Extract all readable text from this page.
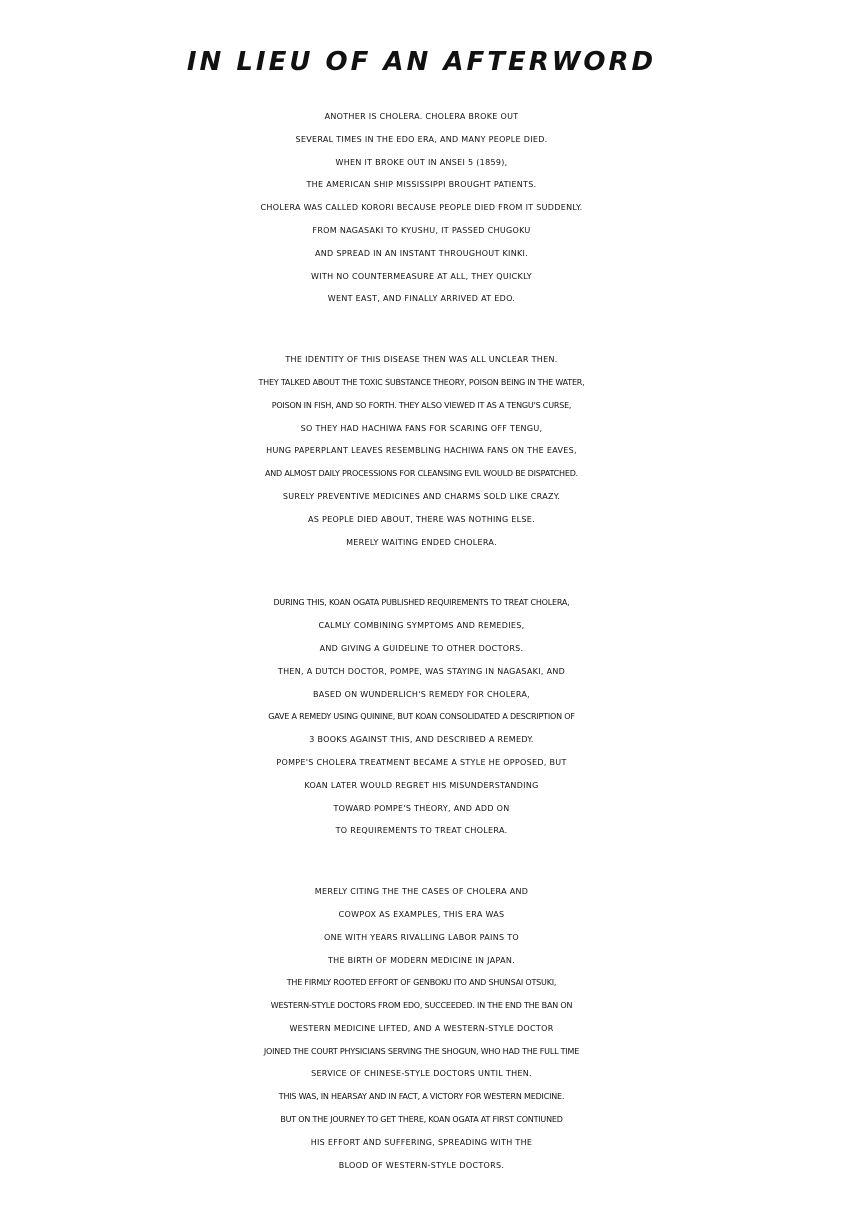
IN LIEU OF AN AFTERWORD
ANOTHER IS CHOLERA. CHOLERA BROKE OUT
SEVERAL TIMES IN THE EDO ERA, AND MANY PEOPLE DIED.
WHEN IT BROKE OUT IN ANSEI 5 (1859),
THE AMERICAN SHIP MISSISSIPPI BROUGHT PATIENTS.
CHOLERA WAS CALLED KORORI BECAUSE PEOPLE DIED FROM IT SUDDENLY.
FROM NAGASAKI TO KYUSHU, IT PASSED CHUGOKU
AND SPREAD IN AN INSTANT THROUGHOUT KINKI.
WITH NO COUNTERMEASURE AT ALL, THEY QUICKLY
WENT EAST, AND FINALLY ARRIVED AT EDO.
THE IDENTITY OF THIS DISEASE THEN WAS ALL UNCLEAR THEN.
THEY TALKED ABOUT THE TOXIC SUBSTANCE THEORY, POISON BEING IN THE WATER,
POISON IN FISH, AND SO FORTH. THEY ALSO VIEWED IT AS A TENGU'S CURSE,
SO THEY HAD HACHIWA FANS FOR SCARING OFF TENGU,
HUNG PAPERPLANT LEAVES RESEMBLING HACHIWA FANS ON THE EAVES,
AND ALMOST DAILY PROCESSIONS FOR CLEANSING EVIL WOULD BE DISPATCHED.
SURELY PREVENTIVE MEDICINES AND CHARMS SOLD LIKE CRAZY.
AS PEOPLE DIED ABOUT, THERE WAS NOTHING ELSE.
MERELY WAITING ENDED CHOLERA.
DURING THIS, KOAN OGATA PUBLISHED REQUIREMENTS TO TREAT CHOLERA,
CALMLY COMBINING SYMPTOMS AND REMEDIES,
AND GIVING A GUIDELINE TO OTHER DOCTORS.
THEN, A DUTCH DOCTOR, POMPE, WAS STAYING IN NAGASAKI, AND
BASED ON WUNDERLICH'S REMEDY FOR CHOLERA,
GAVE A REMEDY USING QUININE, BUT KOAN CONSOLIDATED A DESCRIPTION OF
3 BOOKS AGAINST THIS, AND DESCRIBED A REMEDY.
POMPE'S CHOLERA TREATMENT BECAME A STYLE HE OPPOSED, BUT
KOAN LATER WOULD REGRET HIS MISUNDERSTANDING
TOWARD POMPE'S THEORY, AND ADD ON
TO REQUIREMENTS TO TREAT CHOLERA.
MERELY CITING THE THE CASES OF CHOLERA AND
COWPOX AS EXAMPLES, THIS ERA WAS
ONE WITH YEARS RIVALLING LABOR PAINS TO
THE BIRTH OF MODERN MEDICINE IN JAPAN.
THE FIRMLY ROOTED EFFORT OF GENBOKU ITO AND SHUNSAI OTSUKI,
WESTERN-STYLE DOCTORS FROM EDO, SUCCEEDED. IN THE END THE BAN ON
WESTERN MEDICINE LIFTED, AND A WESTERN-STYLE DOCTOR
JOINED THE COURT PHYSICIANS SERVING THE SHOGUN, WHO HAD THE FULL TIME
SERVICE OF CHINESE-STYLE DOCTORS UNTIL THEN.
THIS WAS, IN HEARSAY AND IN FACT, A VICTORY FOR WESTERN MEDICINE.
BUT ON THE JOURNEY TO GET THERE, KOAN OGATA AT FIRST CONTIUNED
HIS EFFORT AND SUFFERING, SPREADING WITH THE
BLOOD OF WESTERN-STYLE DOCTORS.
